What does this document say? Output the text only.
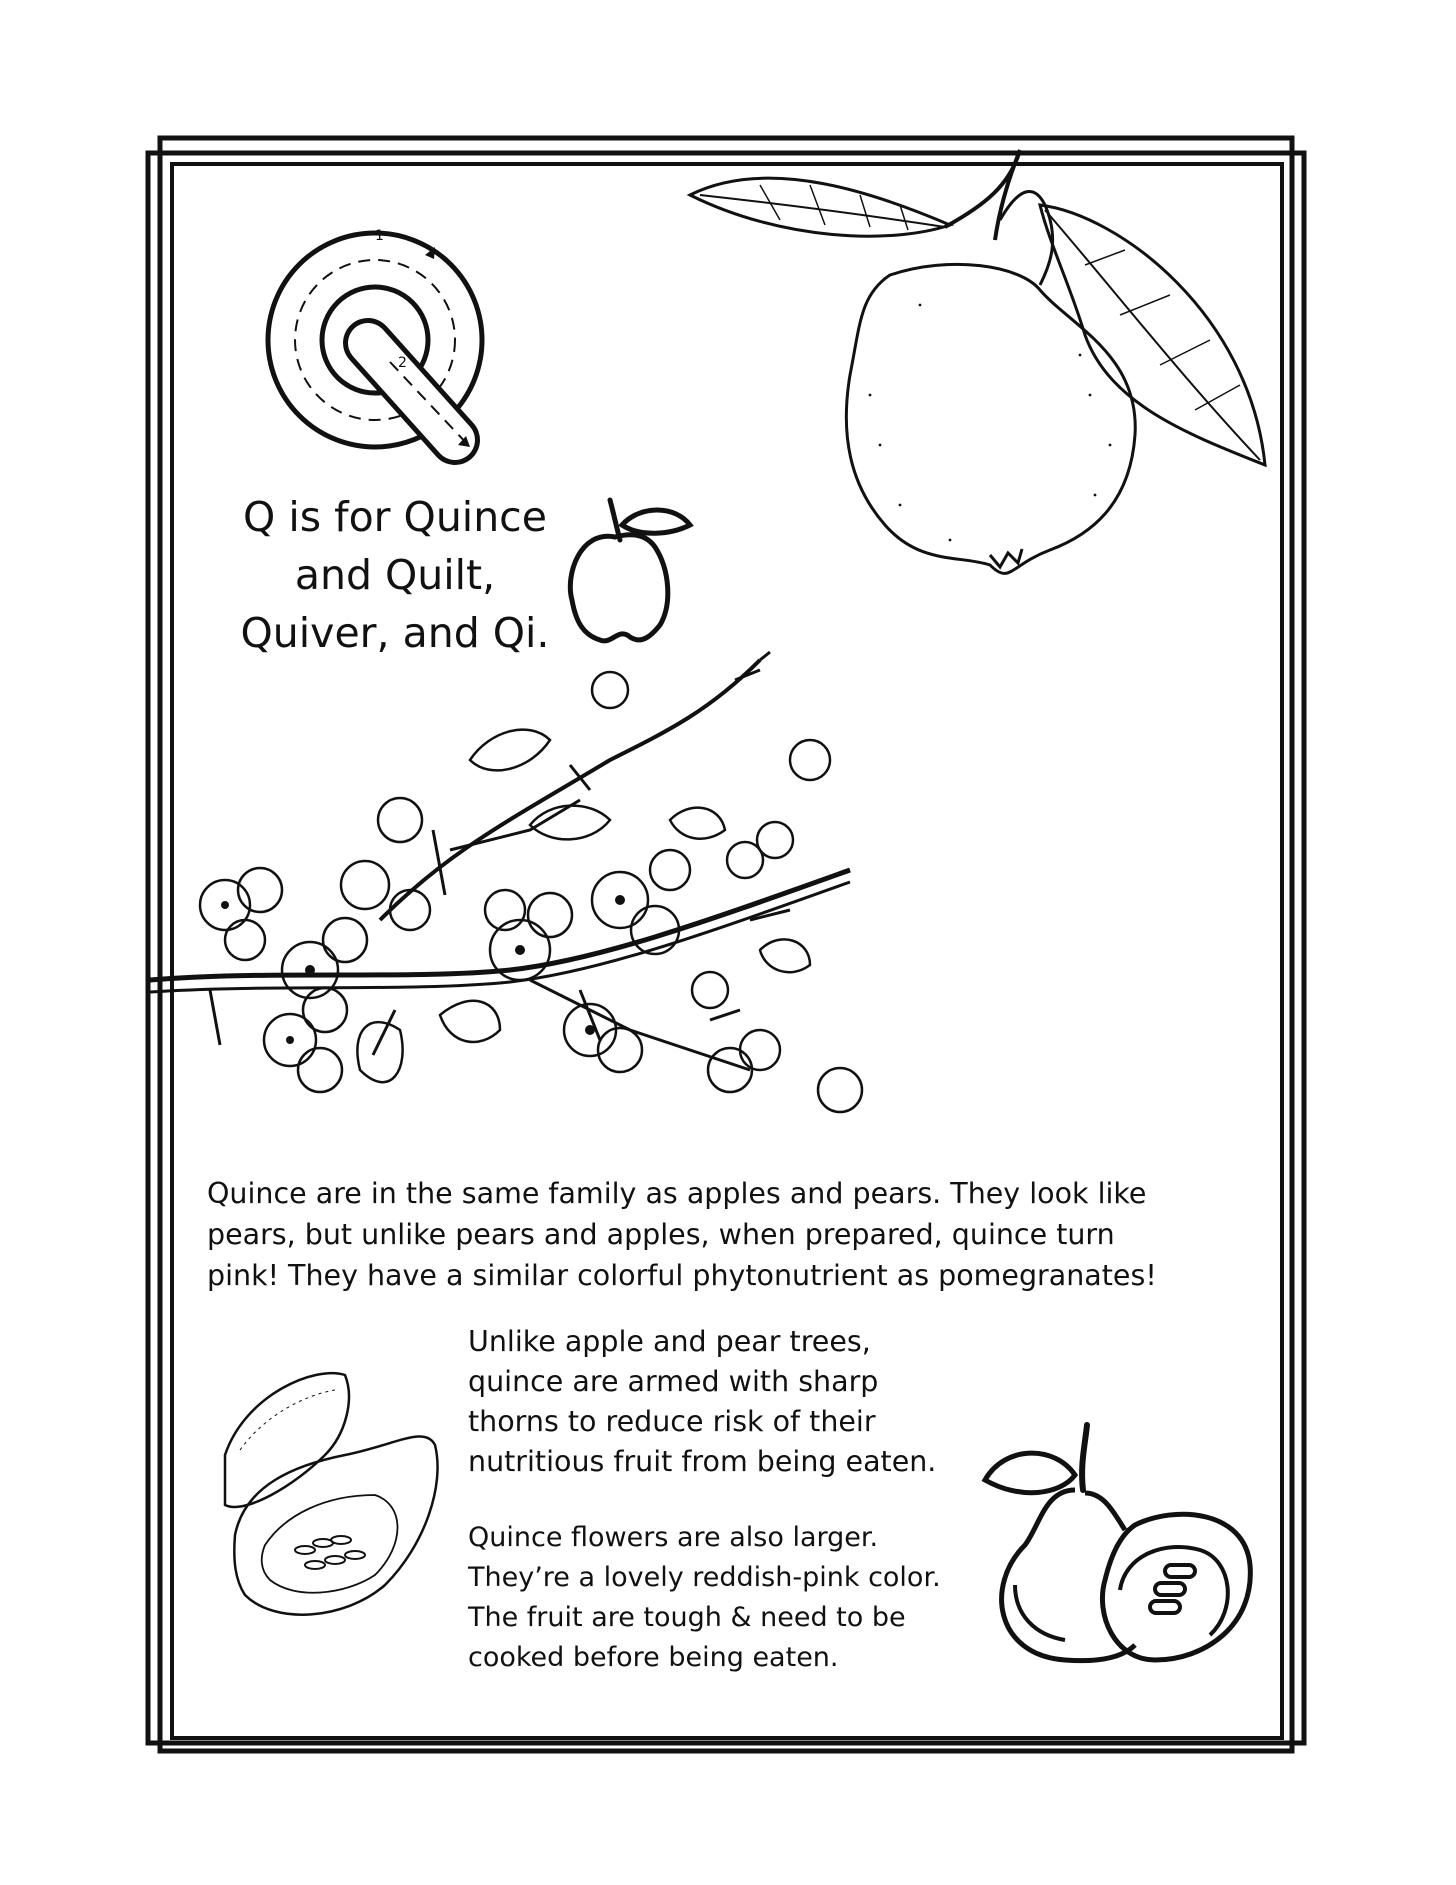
1
2
Q is for Quince
and Quilt,
Quiver, and Qi.
Quince are in the same family as apples and pears. They look like
pears, but unlike pears and apples, when prepared, quince turn
pink! They have a similar colorful phytonutrient as pomegranates!
Unlike apple and pear trees,
quince are armed with sharp
thorns to reduce risk of their
nutritious fruit from being eaten.
Quince flowers are also larger.
They’re a lovely reddish-pink color.
The fruit are tough & need to be
cooked before being eaten.
